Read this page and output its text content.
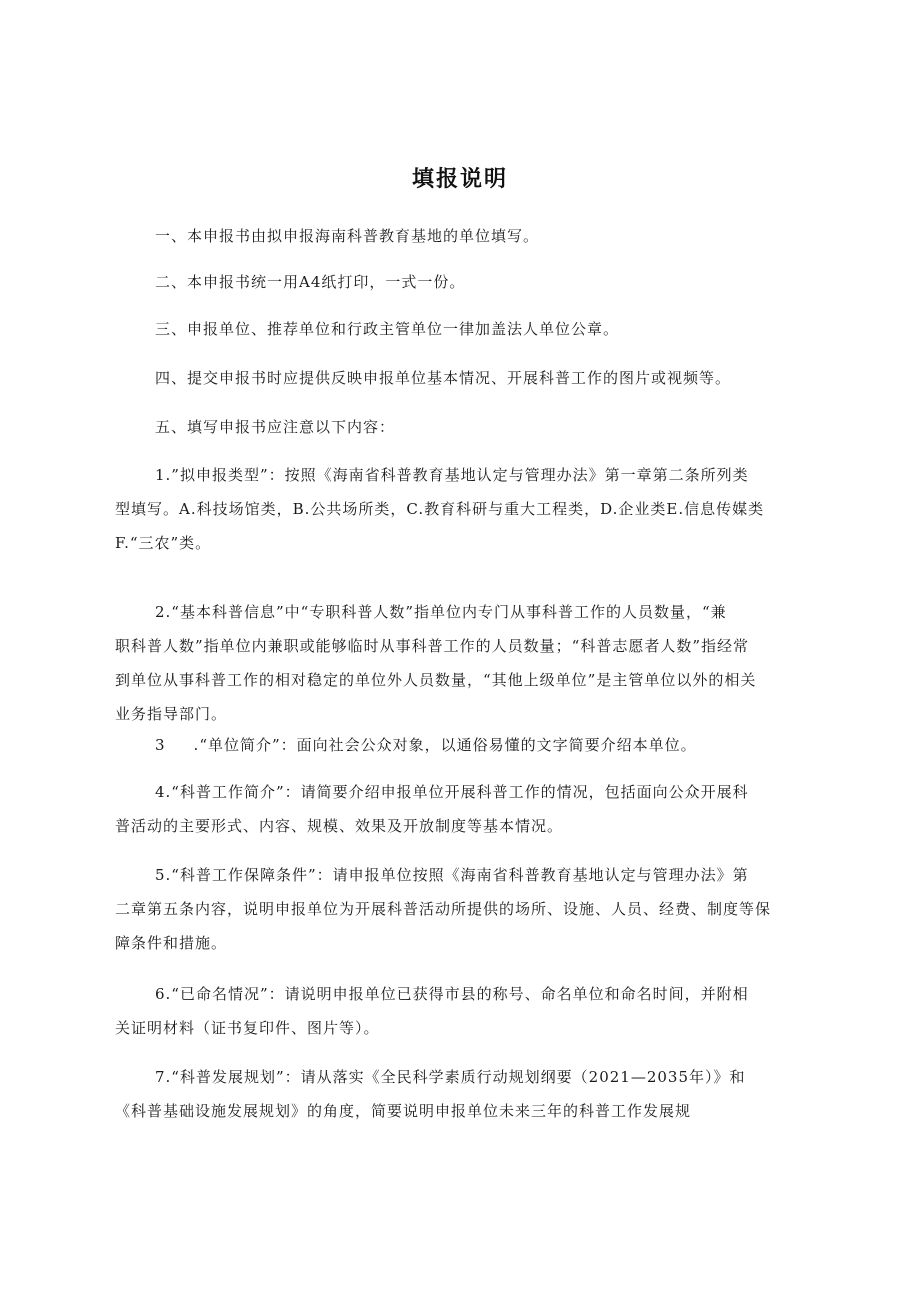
填报说明

一、本申报书由拟申报海南科普教育基地的单位填写。

二、本申报书统一用A4纸打印，一式一份。

三、申报单位、推荐单位和行政主管单位一律加盖法人单位公章。

四、提交申报书时应提供反映申报单位基本情况、开展科普工作的图片或视频等。

五、填写申报书应注意以下内容：

1.”拟申报类型”：按照《海南省科普教育基地认定与管理办法》第一章第二条所列类
型填写。A.科技场馆类，B.公共场所类，C.教育科研与重大工程类，D.企业类E.信息传媒类
F.“三农”类。
2.“基本科普信息”中“专职科普人数”指单位内专门从事科普工作的人员数量，“兼
职科普人数”指单位内兼职或能够临时从事科普工作的人员数量；“科普志愿者人数”指经常
到单位从事科普工作的相对稳定的单位外人员数量，“其他上级单位”是主管单位以外的相关
业务指导部门。
3 .“单位简介”：面向社会公众对象，以通俗易懂的文字简要介绍本单位。
4.“科普工作简介”：请简要介绍申报单位开展科普工作的情况，包括面向公众开展科
普活动的主要形式、内容、规模、效果及开放制度等基本情况。
5.“科普工作保障条件”：请申报单位按照《海南省科普教育基地认定与管理办法》第
二章第五条内容，说明申报单位为开展科普活动所提供的场所、设施、人员、经费、制度等保
障条件和措施。
6.“已命名情况”：请说明申报单位已获得市县的称号、命名单位和命名时间，并附相
关证明材料（证书复印件、图片等）。
7.“科普发展规划”：请从落实《全民科学素质行动规划纲要（2021—2035年）》和
《科普基础设施发展规划》的角度，简要说明申报单位未来三年的科普工作发展规
